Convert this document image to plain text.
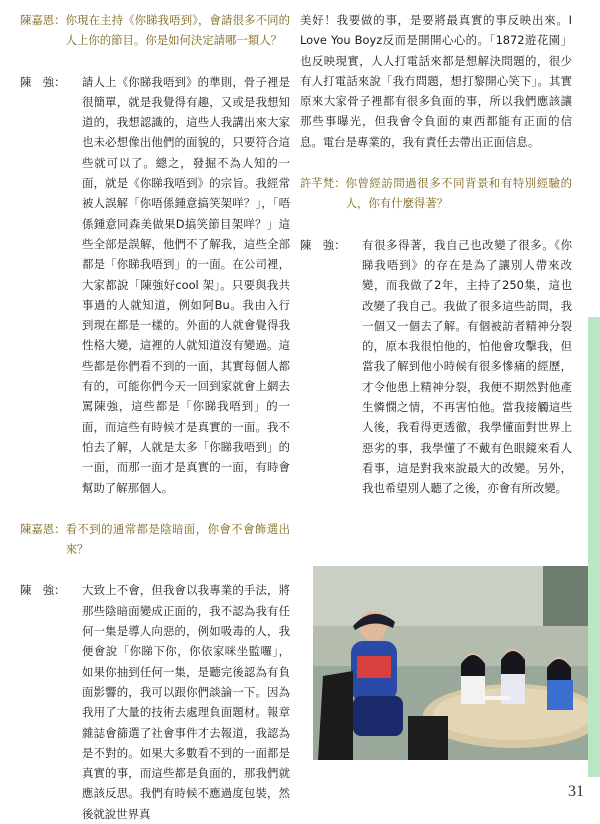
陳嘉恩： 你現在主持《你睇我唔到》，會請很多不同的人上你的節目。你是如何決定請哪一類人？
陳　強：	請人上《你睇我唔到》的準則，骨子裡是很簡單，就是我覺得有趣，又或是我想知道的，我想認識的，這些人我講出來大家也未必想像出他們的面貌的，只要符合這些就可以了。總之，發掘不為人知的一面，就是《你睇我唔到》的宗旨。我經常被人誤解「你唔係鍾意搞笑架咩？」，「唔係鍾意同森美做果D搞笑節目架咩？」這些全部是誤解，他們不了解我，這些全部都是「你睇我唔到」的一面。在公司裡，大家都說「陳強好cool 架」。只要與我共事過的人就知道，例如阿Bu。我由入行到現在都是一樣的。外面的人就會覺得我性格大變，這裡的人就知道沒有變過。這些都是你們看不到的一面，其實每個人都有的，可能你們今天一回到家就會上網去罵陳強，這些都是「你睇我唔到」的一面，而這些有時候才是真實的一面。我不怕去了解，人就是太多「你睇我唔到」的一面，而那一面才是真實的一面，有時會幫助了解那個人。
陳嘉恩： 看不到的通常都是陰暗面，你會不會飾選出來？
陳　強：	大致上不會，但我會以我專業的手法，將那些陰暗面變成正面的，我不認為我有任何一集是導人向惡的，例如吸毒的人，我便會說「你睇下你，你依家咪坐監囉」，如果你抽到任何一集，是聽完後認為有負面影響的，我可以跟你們談論一下。因為我用了大量的技術去處理負面題材。報章雜誌會篩選了社會事件才去報道，我認為是不對的。如果大多數看不到的一面都是真實的事，而這些都是負面的，那我們就應該反思。我們有時候不應過度包裝，然後就說世界真
美好！我要做的事，是要將最真實的事反映出來。I Love You Boyz反而是開開心心的。「1872遊花園」也反映現實，人人打電話來都是想解決問題的，很少有人打電話來說「我冇問題，想打黎開心笑下」。其實原來大家骨子裡都有很多負面的事，所以我們應該讓那些事曝光，但我會令負面的東西都能有正面的信息。電台是專業的，我有責任去帶出正面信息。
許芊梵： 你曾經訪問過很多不同背景和有特別經驗的人，你有什麼得著？
陳　強：	有很多得著，我自己也改變了很多。《你睇我唔到》的存在是為了讓別人帶來改變，而我做了2年，主持了250集，這也改變了我自己。我做了很多這些訪問，我一個又一個去了解。有個被訪者精神分裂的，原本我很怕他的，怕他會攻擊我，但當我了解到他小時候有很多慘痛的經歷，才令他患上精神分裂，我便不期然對他產生憐憫之情，不再害怕他。當我接觸這些人後，我看得更透徹，我學懂面對世界上惡劣的事，我學懂了不戴有色眼鏡來看人看事，這是對我來說最大的改變。另外，我也希望別人聽了之後，亦會有所改變。
31
